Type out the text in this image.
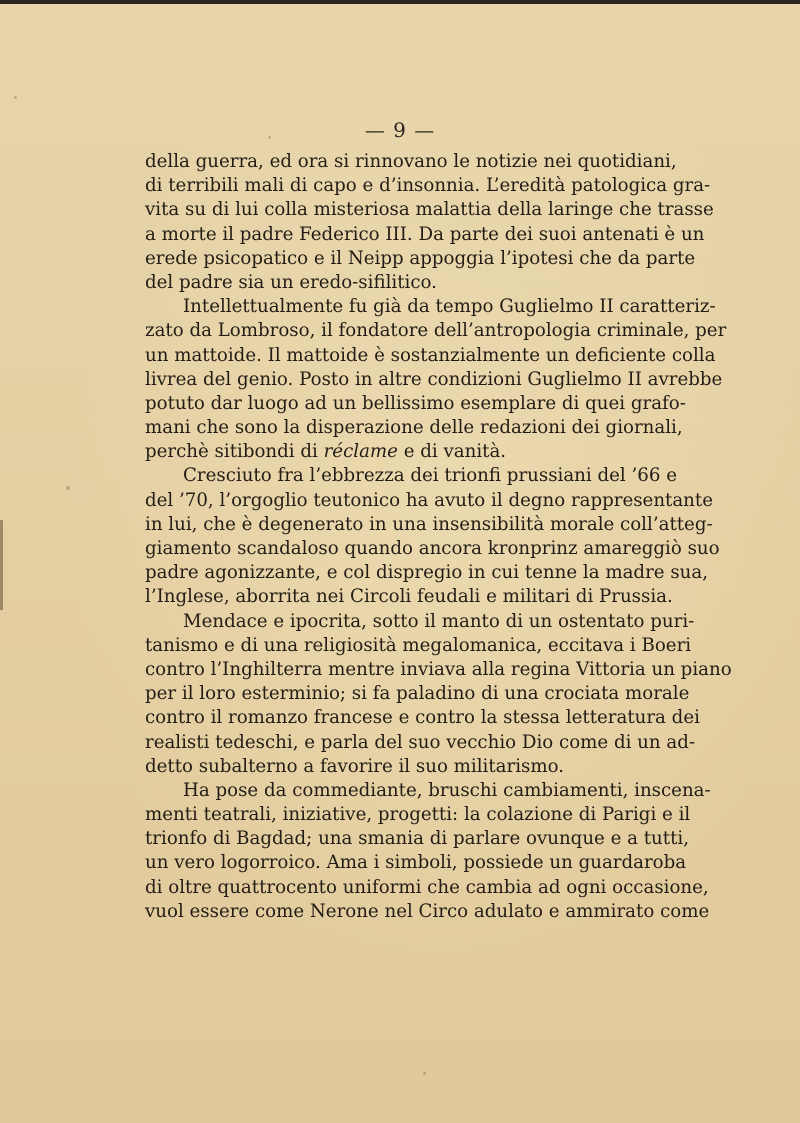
— 9 —
della guerra, ed ora si rinnovano le notizie nei quotidiani,
di terribili mali di capo e d’insonnia. L’eredità patologica gra-
vita su di lui colla misteriosa malattia della laringe che trasse
a morte il padre Federico III. Da parte dei suoi antenati è un
erede psicopatico e il Neipp appoggia l’ipotesi che da parte
del padre sia un eredo-sifilitico.
Intellettualmente fu già da tempo Guglielmo II caratteriz-
zato da Lombroso, il fondatore dell’antropologia criminale, per
un mattoide. Il mattoide è sostanzialmente un deficiente colla
livrea del genio. Posto in altre condizioni Guglielmo II avrebbe
potuto dar luogo ad un bellissimo esemplare di quei grafo-
mani che sono la disperazione delle redazioni dei giornali,
perchè sitibondi di réclame e di vanità.
Cresciuto fra l’ebbrezza dei trionfi prussiani del ’66 e
del ’70, l’orgoglio teutonico ha avuto il degno rappresentante
in lui, che è degenerato in una insensibilità morale coll’atteg-
giamento scandaloso quando ancora kronprinz amareggiò suo
padre agonizzante, e col dispregio in cui tenne la madre sua,
l’Inglese, aborrita nei Circoli feudali e militari di Prussia.
Mendace e ipocrita, sotto il manto di un ostentato puri-
tanismo e di una religiosità megalomanica, eccitava i Boeri
contro l’Inghilterra mentre inviava alla regina Vittoria un piano
per il loro esterminio; si fa paladino di una crociata morale
contro il romanzo francese e contro la stessa letteratura dei
realisti tedeschi, e parla del suo vecchio Dio come di un ad-
detto subalterno a favorire il suo militarismo.
Ha pose da commediante, bruschi cambiamenti, inscena-
menti teatrali, iniziative, progetti: la colazione di Parigi e il
trionfo di Bagdad; una smania di parlare ovunque e a tutti,
un vero logorroico. Ama i simboli, possiede un guardaroba
di oltre quattrocento uniformi che cambia ad ogni occasione,
vuol essere come Nerone nel Circo adulato e ammirato come
